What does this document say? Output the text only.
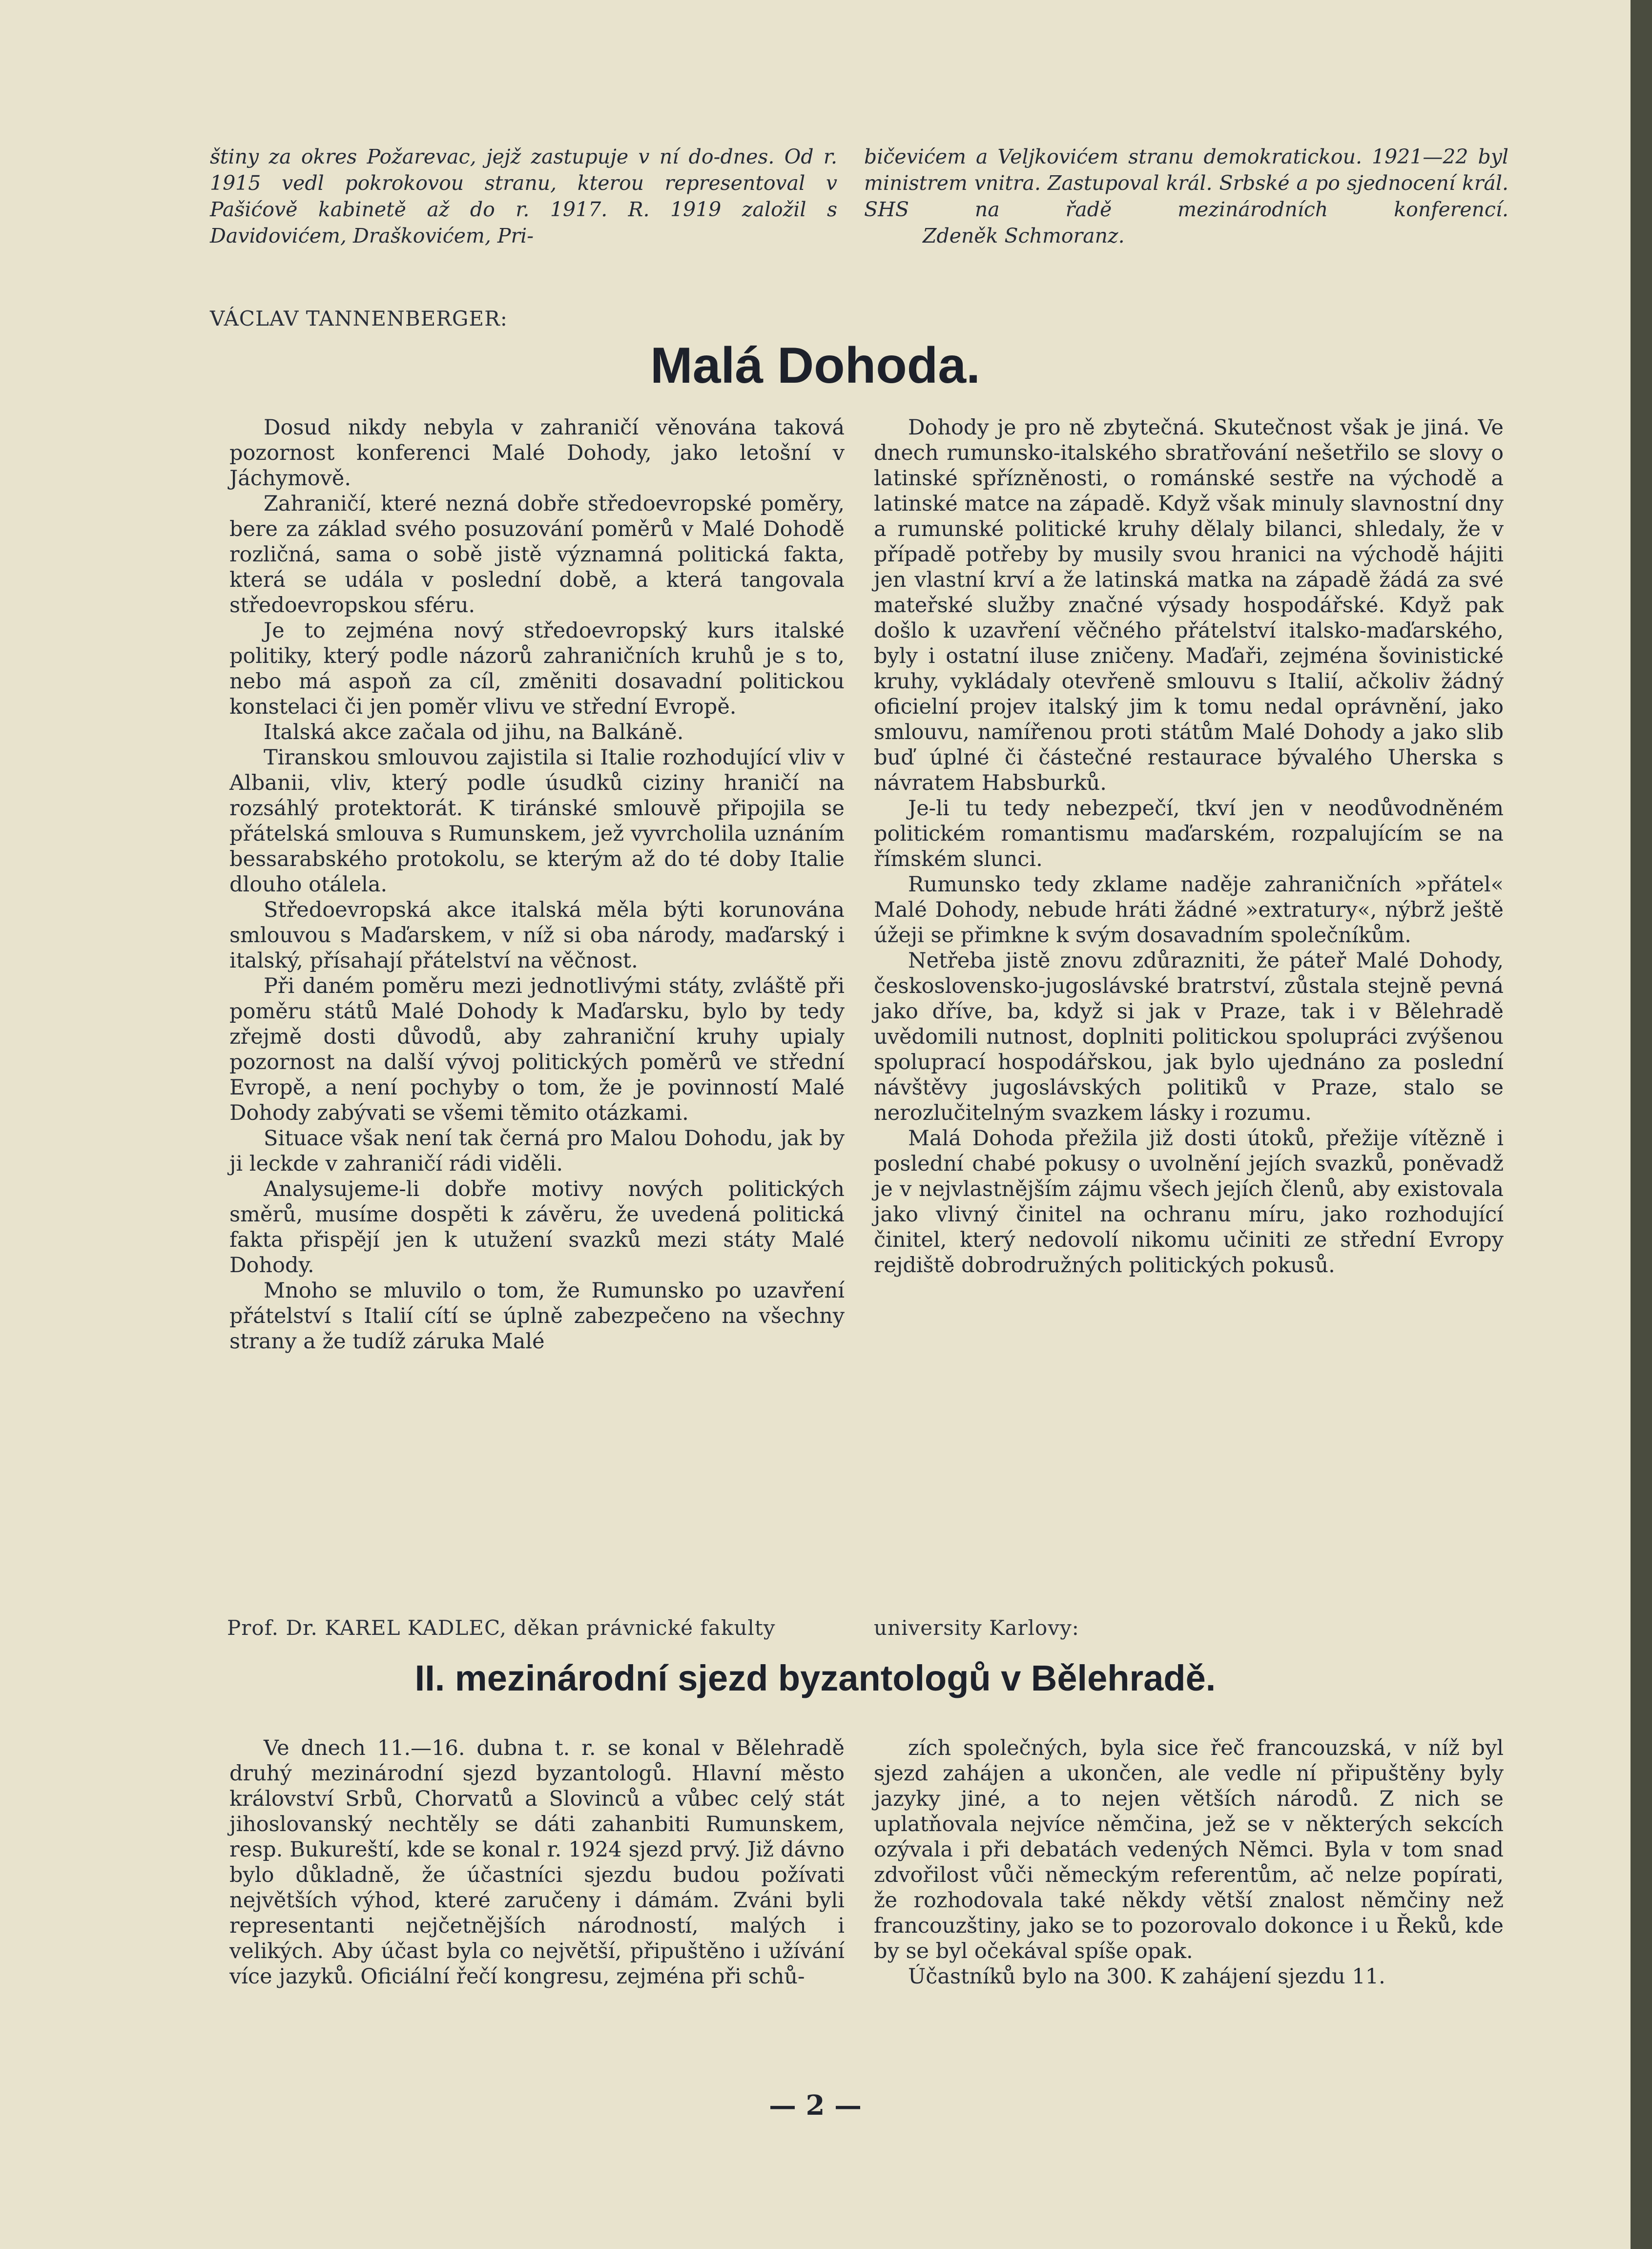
štiny za okres Požarevac, jejž zastupuje v ní do-dnes. Od r. 1915 vedl pokrokovou stranu, kterou representoval v Pašićově kabinetě až do r. 1917. R. 1919 založil s Davidovićem, Draškovićem, Pri-

bičevićem a Veljkovićem stranu demokratickou. 1921—22 byl ministrem vnitra. Zastupoval král. Srbské a po sjednocení král. SHS na řadě mezinárodních konferencí.Zdeněk Schmoranz.

VÁCLAV TANNENBERGER:
Malá Dohoda.

Dosud nikdy nebyla v zahraničí věnována taková pozornost konferenci Malé Dohody, jako letošní v Jáchymově.

Zahraničí, které nezná dobře středoevropské poměry, bere za základ svého posuzování poměrů v Malé Dohodě rozličná, sama o sobě jistě významná politická fakta, která se udála v poslední době, a která tangovala středoevropskou sféru.

Je to zejména nový středoevropský kurs italské politiky, který podle názorů zahraničních kruhů je s to, nebo má aspoň za cíl, změniti dosavadní politickou konstelaci či jen poměr vlivu ve střední Evropě.

Italská akce začala od jihu, na Balkáně.

Tiranskou smlouvou zajistila si Italie rozhodující vliv v Albanii, vliv, který podle úsudků ciziny hraničí na rozsáhlý protektorát. K tiránské smlouvě připojila se přátelská smlouva s Rumunskem, jež vyvrcholila uznáním bessarabského protokolu, se kterým až do té doby Italie dlouho otálela.

Středoevropská akce italská měla býti korunována smlouvou s Maďarskem, v níž si oba národy, maďarský i italský, přísahají přátelství na věčnost.

Při daném poměru mezi jednotlivými státy, zvláště při poměru států Malé Dohody k Maďarsku, bylo by tedy zřejmě dosti důvodů, aby zahraniční kruhy upialy pozornost na další vývoj politických poměrů ve střední Evropě, a není pochyby o tom, že je povinností Malé Dohody zabývati se všemi těmito otázkami.

Situace však není tak černá pro Malou Dohodu, jak by ji leckde v zahraničí rádi viděli.

Analysujeme-li dobře motivy nových politických směrů, musíme dospěti k závěru, že uvedená politická fakta přispějí jen k utužení svazků mezi státy Malé Dohody.

Mnoho se mluvilo o tom, že Rumunsko po uzavření přátelství s Italií cítí se úplně zabezpečeno na všechny strany a že tudíž záruka Malé

Dohody je pro ně zbytečná. Skutečnost však je jiná. Ve dnech rumunsko-italského sbratřování nešetřilo se slovy o latinské spřízněnosti, o románské sestře na východě a latinské matce na západě. Když však minuly slavnostní dny a rumunské politické kruhy dělaly bilanci, shledaly, že v případě potřeby by musily svou hranici na východě hájiti jen vlastní krví a že latinská matka na západě žádá za své mateřské služby značné výsady hospodářské. Když pak došlo k uzavření věčného přátelství italsko-maďarského, byly i ostatní iluse zničeny. Maďaři, zejména šovinistické kruhy, vykládaly otevřeně smlouvu s Italií, ačkoliv žádný oficielní projev italský jim k tomu nedal oprávnění, jako smlouvu, namířenou proti státům Malé Dohody a jako slib buď úplné či částečné restaurace bývalého Uherska s návratem Habsburků.

Je-li tu tedy nebezpečí, tkví jen v neodůvodněném politickém romantismu maďarském, rozpalujícím se na římském slunci.

Rumunsko tedy zklame naděje zahraničních »přátel« Malé Dohody, nebude hráti žádné »extratury«, nýbrž ještě úžeji se přimkne k svým dosavadním společníkům.

Netřeba jistě znovu zdůrazniti, že páteř Malé Dohody, československo-jugoslávské bratrství, zůstala stejně pevná jako dříve, ba, když si jak v Praze, tak i v Bělehradě uvědomili nutnost, doplniti politickou spolupráci zvýšenou spoluprací hospodářskou, jak bylo ujednáno za poslední návštěvy jugoslávských politiků v Praze, stalo se nerozlučitelným svazkem lásky i rozumu.

Malá Dohoda přežila již dosti útoků, přežije vítězně i poslední chabé pokusy o uvolnění jejích svazků, poněvadž je v nejvlastnějším zájmu všech jejích členů, aby existovala jako vlivný činitel na ochranu míru, jako rozhodující činitel, který nedovolí nikomu učiniti ze střední Evropy rejdiště dobrodružných politických pokusů.

Prof. Dr. KAREL KADLEC, děkan právnické fakulty	university Karlovy:
II. mezinárodní sjezd byzantologů v Bělehradě.

Ve dnech 11.—16. dubna t. r. se konal v Bělehradě druhý mezinárodní sjezd byzantologů. Hlavní město království Srbů, Chorvatů a Slovinců a vůbec celý stát jihoslovanský nechtěly se dáti zahanbiti Rumunskem, resp. Bukureští, kde se konal r. 1924 sjezd prvý. Již dávno bylo důkladně, že účastníci sjezdu budou požívati největších výhod, které zaručeny i dámám. Zváni byli representanti nejčetnějších národností, malých i velikých. Aby účast byla co největší, připuštěno i užívání více jazyků. Oficiální řečí kongresu, zejména při schů-

zích společných, byla sice řeč francouzská, v níž byl sjezd zahájen a ukončen, ale vedle ní připuštěny byly jazyky jiné, a to nejen větších národů. Z nich se uplatňovala nejvíce němčina, jež se v některých sekcích ozývala i při debatách vedených Němci. Byla v tom snad zdvořilost vůči německým referentům, ač nelze popírati, že rozhodovala také někdy větší znalost němčiny než francouzštiny, jako se to pozorovalo dokonce i u Řeků, kde by se byl očekával spíše opak.

Účastníků bylo na 300. K zahájení sjezdu 11.

— 2 —
